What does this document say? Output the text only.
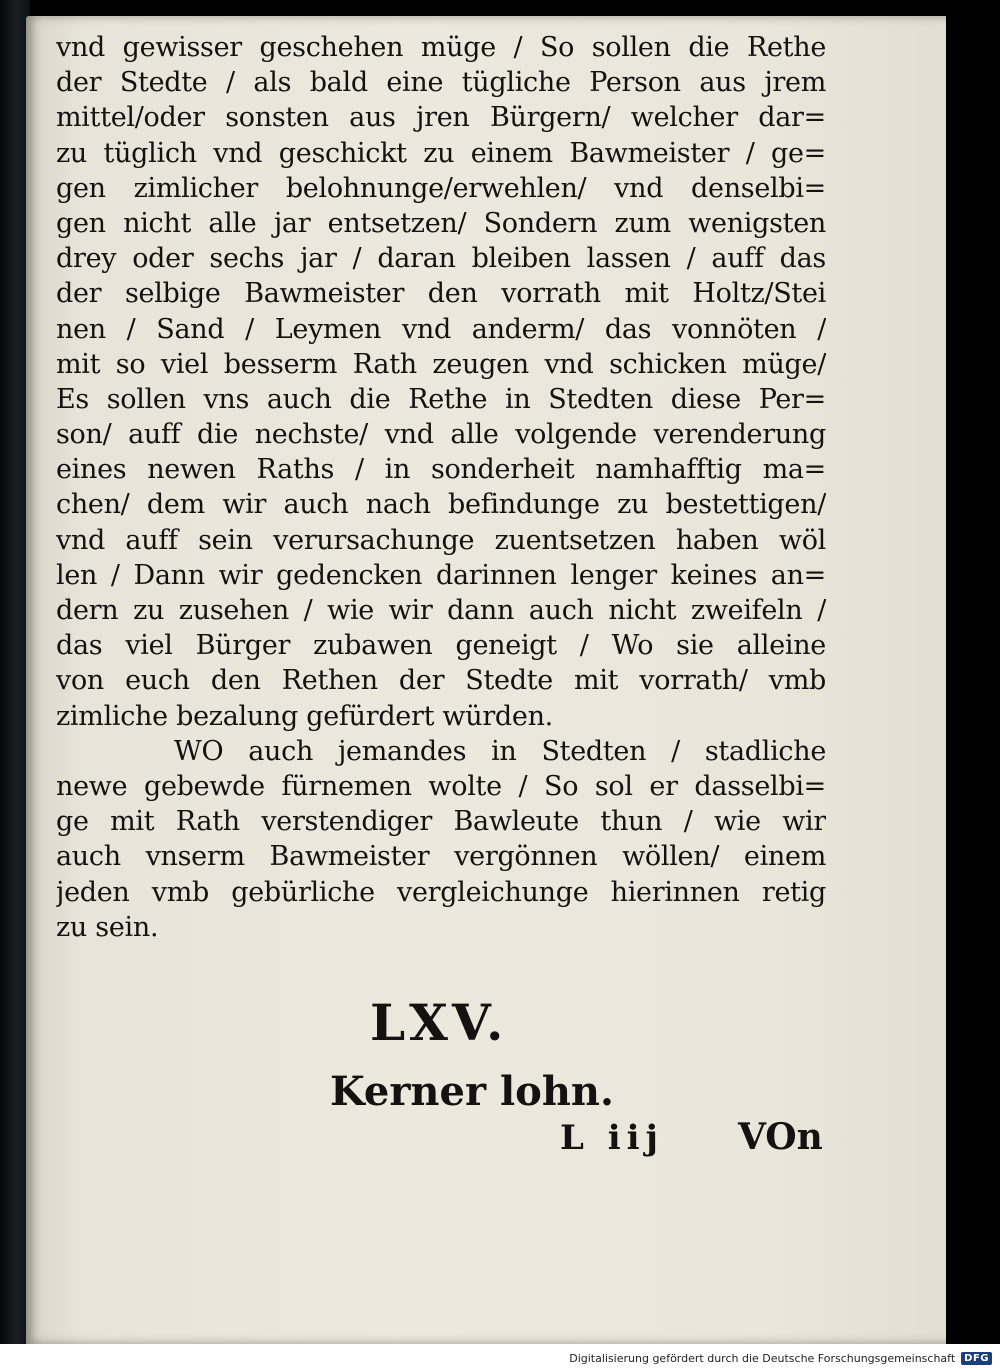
vnd gewisser geschehen müge / So sollen die Rethe
der Stedte / als bald eine tügliche Person aus jrem
mittel/oder sonsten aus jren Bürgern/ welcher dar=
zu tüglich vnd geschickt zu einem Bawmeister / ge=
gen zimlicher belohnunge/erwehlen/ vnd denselbi=
gen nicht alle jar entsetzen/ Sondern zum wenigsten
drey oder sechs jar / daran bleiben lassen / auff das
der selbige Bawmeister den vorrath mit Holtz/Stei
nen / Sand / Leymen vnd anderm/ das vonnöten /
mit so viel besserm Rath zeugen vnd schicken müge/
Es sollen vns auch die Rethe in Stedten diese Per=
son/ auff die nechste/ vnd alle volgende verenderung
eines newen Raths / in sonderheit namhafftig ma=
chen/ dem wir auch nach befindunge zu bestettigen/
vnd auff sein verursachunge zuentsetzen haben wöl
len / Dann wir gedencken darinnen lenger keines an=
dern zu zusehen / wie wir dann auch nicht zweifeln /
das viel Bürger zubawen geneigt / Wo sie alleine
von euch den Rethen der Stedte mit vorrath/ vmb
zimliche bezalung gefürdert würden.
WO auch jemandes in Stedten / stadliche
newe gebewde fürnemen wolte / So sol er dasselbi=
ge mit Rath verstendiger Bawleute thun / wie wir
auch vnserm Bawmeister vergönnen wöllen/ einem
jeden vmb gebürliche vergleichunge hierinnen retig
zu sein.
LXV.
Kerner lohn.
L iij VOn
Digitalisierung gefördert durch die Deutsche Forschungsgemeinschaft DFG
